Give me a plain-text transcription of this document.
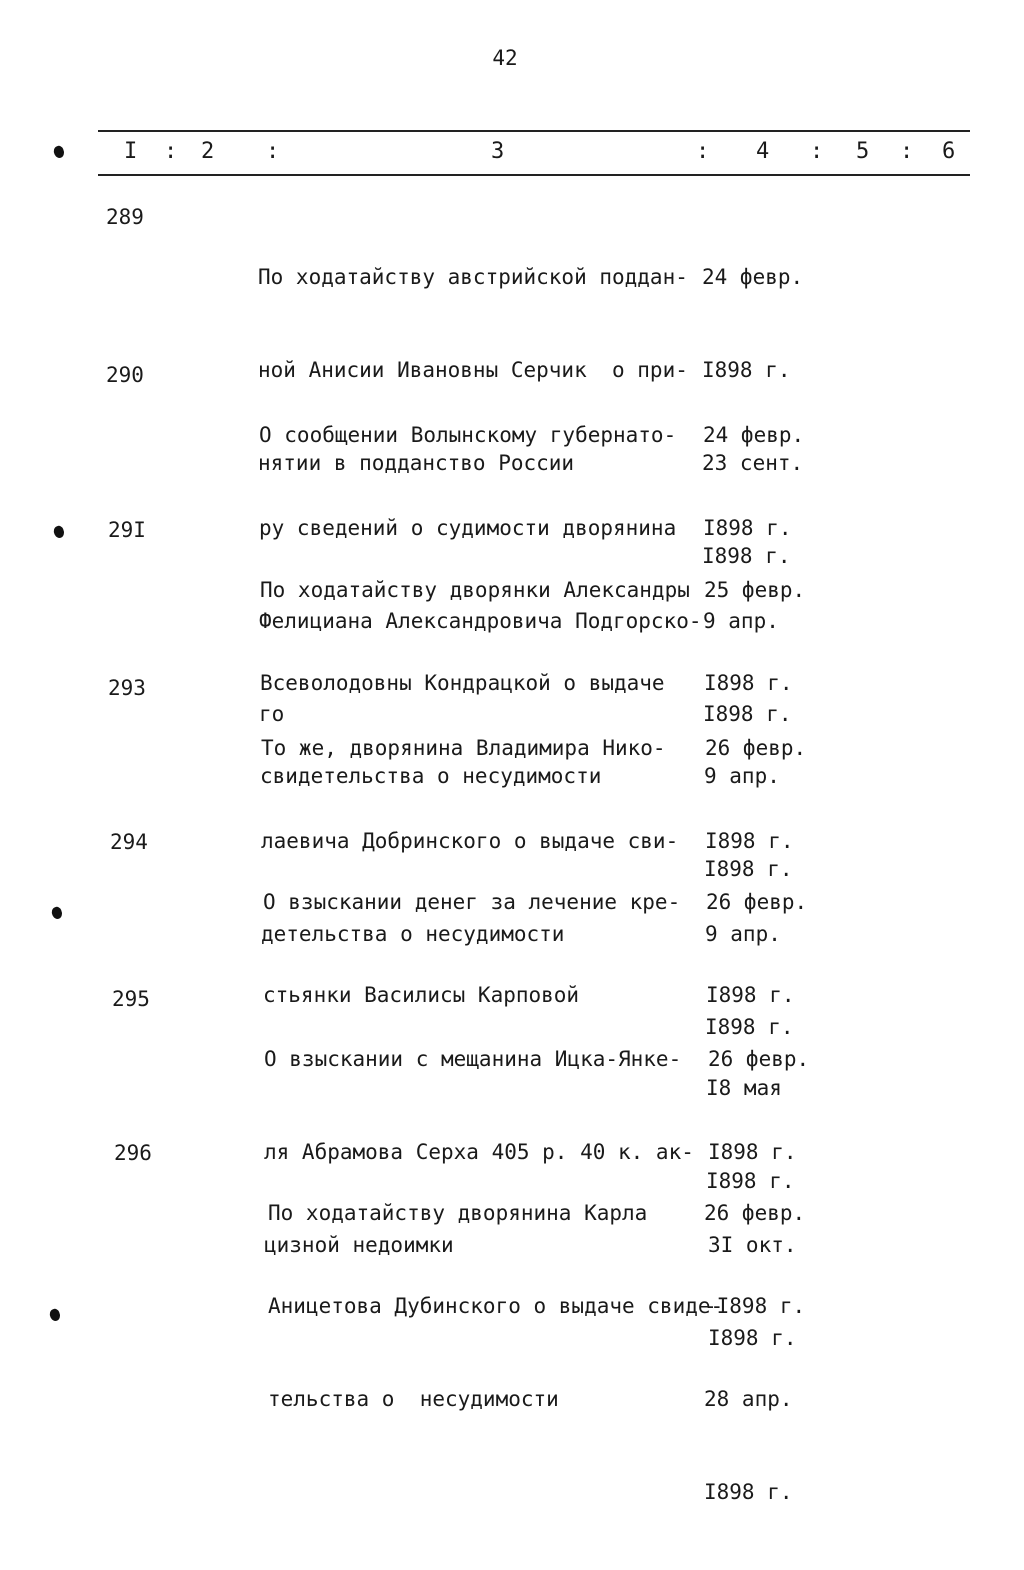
42
I : 2 :	3	: 4 : 5 : 6
289

По ходатайству австрийской поддан-

ной Анисии Ивановны Серчик  о при-

нятии в подданство России

24 февр.

I898 г.

23 сент.

I898 г.

290

О сообщении Волынскому губернато-

ру сведений о судимости дворянина

Фелициана Александровича Подгорско-

го

24 февр.

I898 г.

9 апр.

I898 г.

29I

По ходатайству дворянки Александры

Всеволодовны Кондрацкой о выдаче

свидетельства о несудимости

25 февр.

I898 г.

9 апр.

I898 г.

293

То же, дворянина Владимира Нико-

лаевича Добринского о выдаче сви-

детельства о несудимости

26 февр.

I898 г.

9 апр.

I898 г.

294

О взыскании денег за лечение кре-

стьянки Василисы Карповой

26 февр.

I898 г.

I8 мая

I898 г.

295

О взыскании с мещанина Ицка-Янке-

ля Абрамова Серха 405 р. 40 к. ак-

цизной недоимки

26 февр.

I898 г.

3I окт.

I898 г.

296

По ходатайству дворянина Карла

Аницетова Дубинского о выдаче свиде-

тельства о  несудимости

26 февр.

-I898 г.

28 апр.

I898 г.
